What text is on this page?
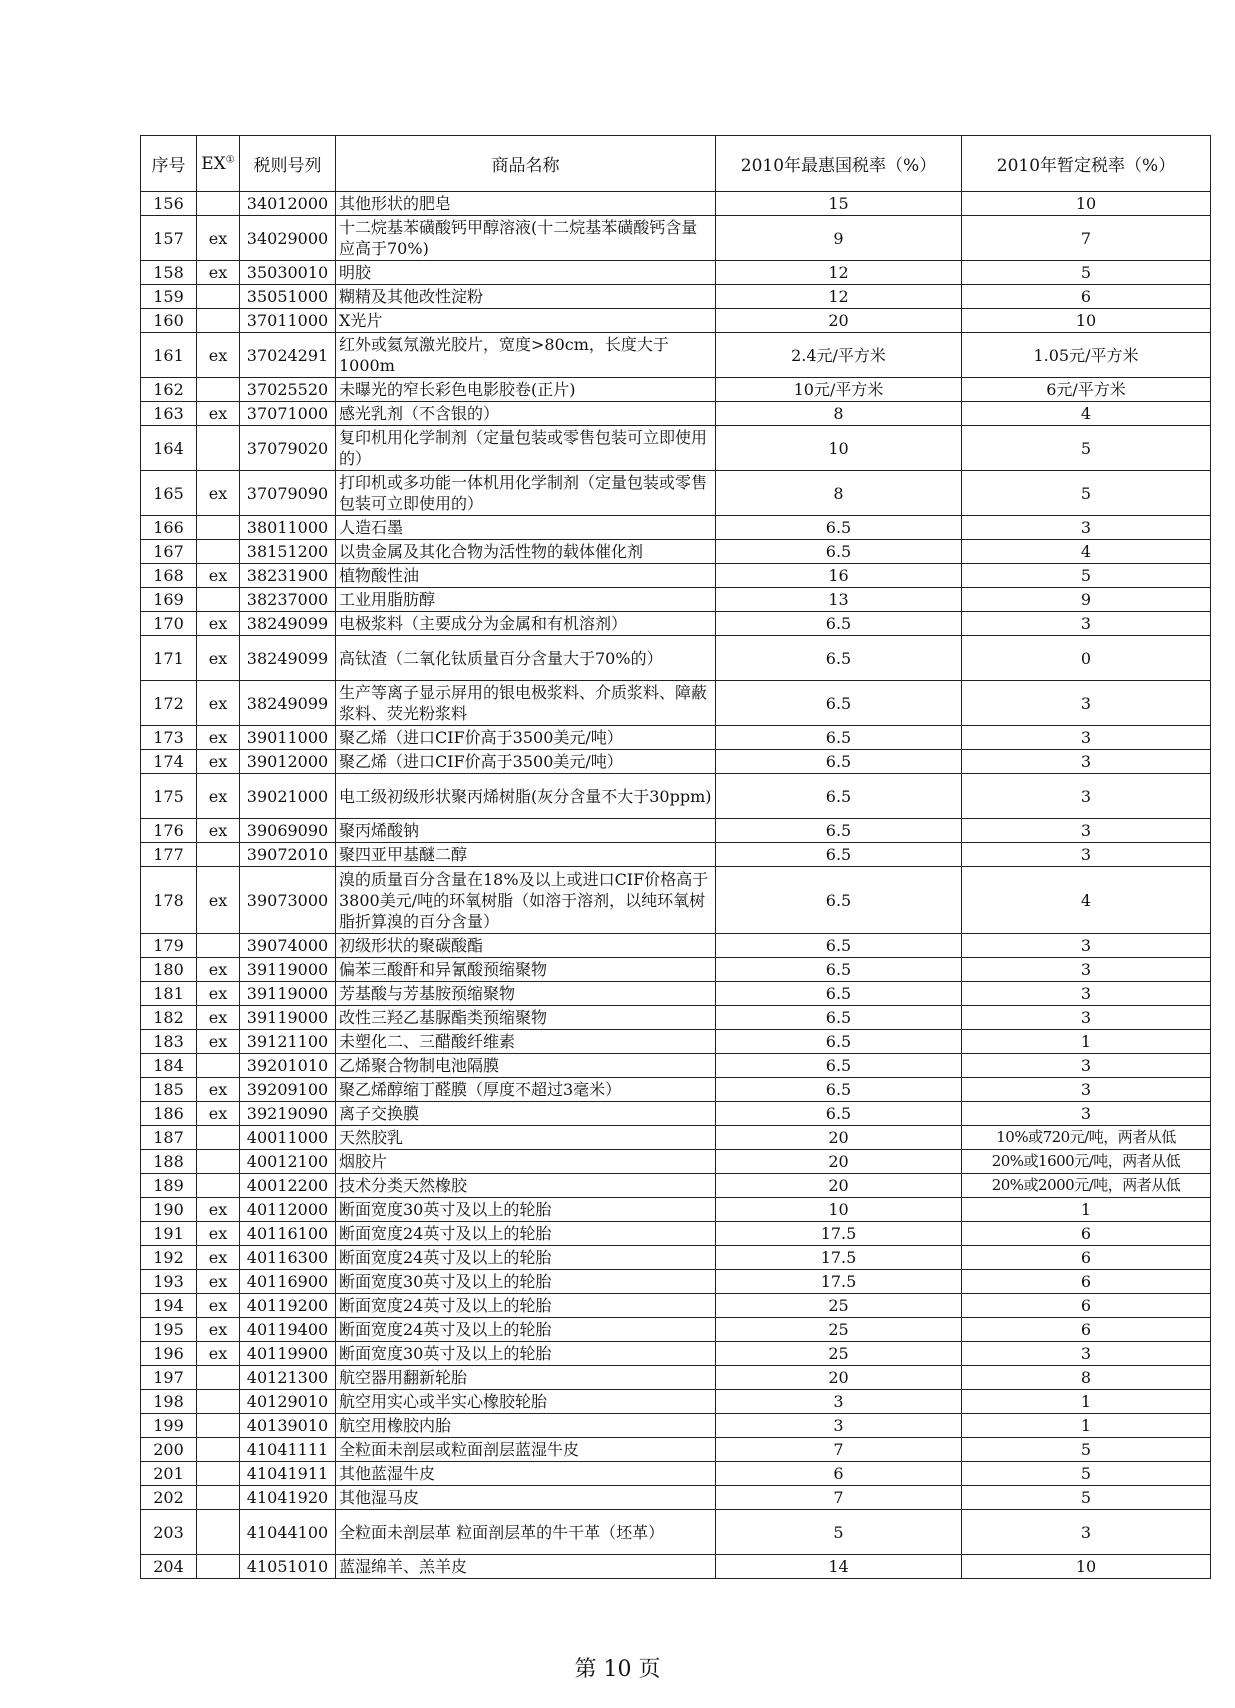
序号	EX①	税则号列	商品名称	2010年最惠国税率（%）	2010年暂定税率（%）
156		34012000	其他形状的肥皂	15	10
157	ex	34029000	十二烷基苯磺酸钙甲醇溶液(十二烷基苯磺酸钙含量应高于70%)	9	7
158	ex	35030010	明胶	12	5
159		35051000	糊精及其他改性淀粉	12	6
160		37011000	X光片	20	10
161	ex	37024291	红外或氦氖激光胶片，宽度>80cm，长度大于1000m	2.4元/平方米	1.05元/平方米
162		37025520	未曝光的窄长彩色电影胶卷(正片)	10元/平方米	6元/平方米
163	ex	37071000	感光乳剂（不含银的）	8	4
164		37079020	复印机用化学制剂（定量包装或零售包装可立即使用的）	10	5
165	ex	37079090	打印机或多功能一体机用化学制剂（定量包装或零售包装可立即使用的）	8	5
166		38011000	人造石墨	6.5	3
167		38151200	以贵金属及其化合物为活性物的载体催化剂	6.5	4
168	ex	38231900	植物酸性油	16	5
169		38237000	工业用脂肪醇	13	9
170	ex	38249099	电极浆料（主要成分为金属和有机溶剂）	6.5	3
171	ex	38249099	高钛渣（二氧化钛质量百分含量大于70%的）	6.5	0
172	ex	38249099	生产等离子显示屏用的银电极浆料、介质浆料、障蔽浆料、荧光粉浆料	6.5	3
173	ex	39011000	聚乙烯（进口CIF价高于3500美元/吨）	6.5	3
174	ex	39012000	聚乙烯（进口CIF价高于3500美元/吨）	6.5	3
175	ex	39021000	电工级初级形状聚丙烯树脂(灰分含量不大于30ppm)	6.5	3
176	ex	39069090	聚丙烯酸钠	6.5	3
177		39072010	聚四亚甲基醚二醇	6.5	3
178	ex	39073000	溴的质量百分含量在18%及以上或进口CIF价格高于3800美元/吨的环氧树脂（如溶于溶剂，以纯环氧树脂折算溴的百分含量）	6.5	4
179		39074000	初级形状的聚碳酸酯	6.5	3
180	ex	39119000	偏苯三酸酐和异氰酸预缩聚物	6.5	3
181	ex	39119000	芳基酸与芳基胺预缩聚物	6.5	3
182	ex	39119000	改性三羟乙基脲酯类预缩聚物	6.5	3
183	ex	39121100	未塑化二、三醋酸纤维素	6.5	1
184		39201010	乙烯聚合物制电池隔膜	6.5	3
185	ex	39209100	聚乙烯醇缩丁醛膜（厚度不超过3毫米）	6.5	3
186	ex	39219090	离子交换膜	6.5	3
187		40011000	天然胶乳	20	10%或720元/吨，两者从低
188		40012100	烟胶片	20	20%或1600元/吨，两者从低
189		40012200	技术分类天然橡胶	20	20%或2000元/吨，两者从低
190	ex	40112000	断面宽度30英寸及以上的轮胎	10	1
191	ex	40116100	断面宽度24英寸及以上的轮胎	17.5	6
192	ex	40116300	断面宽度24英寸及以上的轮胎	17.5	6
193	ex	40116900	断面宽度30英寸及以上的轮胎	17.5	6
194	ex	40119200	断面宽度24英寸及以上的轮胎	25	6
195	ex	40119400	断面宽度24英寸及以上的轮胎	25	6
196	ex	40119900	断面宽度30英寸及以上的轮胎	25	3
197		40121300	航空器用翻新轮胎	20	8
198		40129010	航空用实心或半实心橡胶轮胎	3	1
199		40139010	航空用橡胶内胎	3	1
200		41041111	全粒面未剖层或粒面剖层蓝湿牛皮	7	5
201		41041911	其他蓝湿牛皮	6	5
202		41041920	其他湿马皮	7	5
203		41044100	全粒面未剖层革 粒面剖层革的牛干革（坯革）	5	3
204		41051010	蓝湿绵羊、羔羊皮	14	10
第 10 页
